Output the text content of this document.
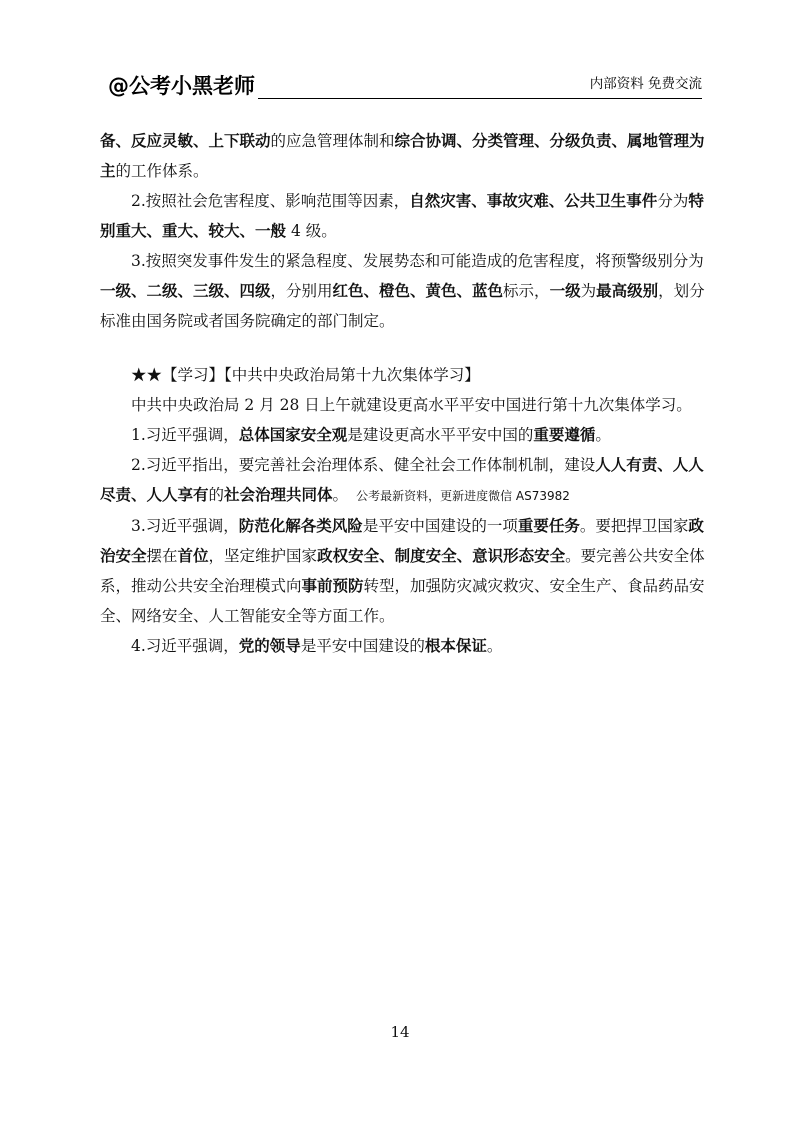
@公考小黑老师	内部资料 免费交流

备、反应灵敏、上下联动的应急管理体制和综合协调、分类管理、分级负责、属地管理为主的工作体系。

2.按照社会危害程度、影响范围等因素，自然灾害、事故灾难、公共卫生事件分为特别重大、重大、较大、一般 4 级。

3.按照突发事件发生的紧急程度、发展势态和可能造成的危害程度，将预警级别分为一级、二级、三级、四级，分别用红色、橙色、黄色、蓝色标示，一级为最高级别，划分标准由国务院或者国务院确定的部门制定。

★★【学习】【中共中央政治局第十九次集体学习】

中共中央政治局 2 月 28 日上午就建设更高水平平安中国进行第十九次集体学习。

1.习近平强调，总体国家安全观是建设更高水平平安中国的重要遵循。

2.习近平指出，要完善社会治理体系、健全社会工作体制机制，建设人人有责、人人尽责、人人享有的社会治理共同体。 公考最新资料，更新进度微信 AS73982

3.习近平强调，防范化解各类风险是平安中国建设的一项重要任务。要把捍卫国家政治安全摆在首位，坚定维护国家政权安全、制度安全、意识形态安全。要完善公共安全体系，推动公共安全治理模式向事前预防转型，加强防灾减灾救灾、安全生产、食品药品安全、网络安全、人工智能安全等方面工作。

4.习近平强调，党的领导是平安中国建设的根本保证。

14
